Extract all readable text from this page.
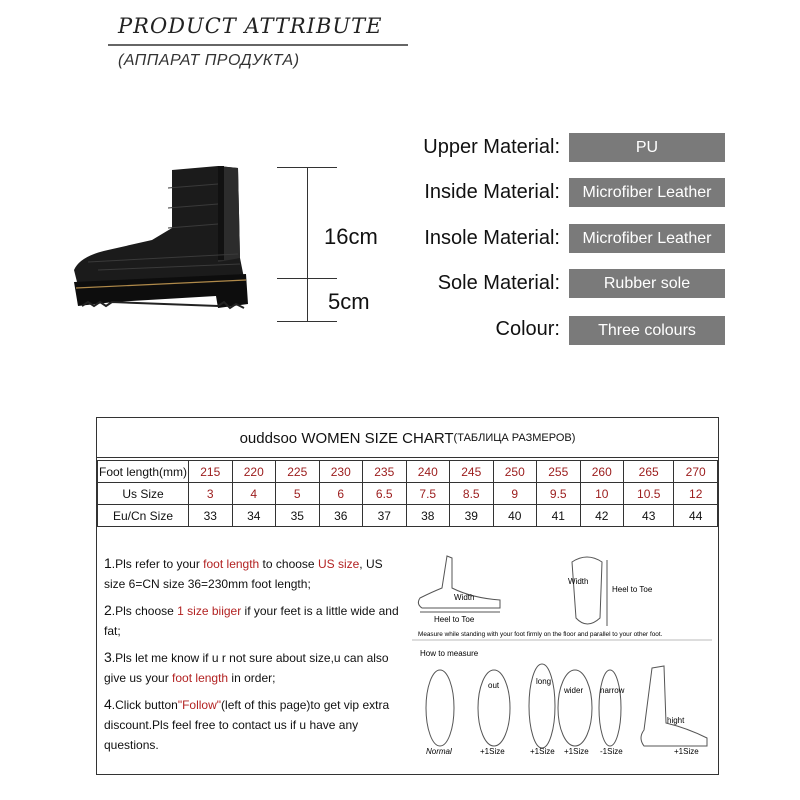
PRODUCT ATTRIBUTE
(АППАРАТ ПРОДУКТА)
16cm
5cm
Upper Material:	PU
Inside Material:	Microfiber Leather
Insole Material:	Microfiber Leather
Sole Material:	Rubber sole
Colour:	Three colours
ouddsoo WOMEN SIZE CHART (ТАБЛИЦА РАЗМЕРОВ)
Foot length(mm)	215	220	225	230	235	240	245	250	255	260	265	270
Us Size	3	4	5	6	6.5	7.5	8.5	9	9.5	10	10.5	12
Eu/Cn Size	33	34	35	36	37	38	39	40	41	42	43	44

1.Pls refer to your foot length to choose US size, US size 6=CN size 36=230mm foot length;

2.Pls choose 1 size biiger if your feet is a little wide and fat;

3.Pls let me know if u r not sure about size,u can also give us your foot length in order;

4.Click button"Follow"(left of this page)to get vip extra discount.Pls feel free to contact us if u have any questions.

Width
Heel to Toe
Width
Heel to Toe
Measure while standing with your foot firmly on the floor and parallel to your other foot.
How to measure
out	long
wider narrow
hight
Normal	+1Size	+1Size +1Size -1Size	+1Size
